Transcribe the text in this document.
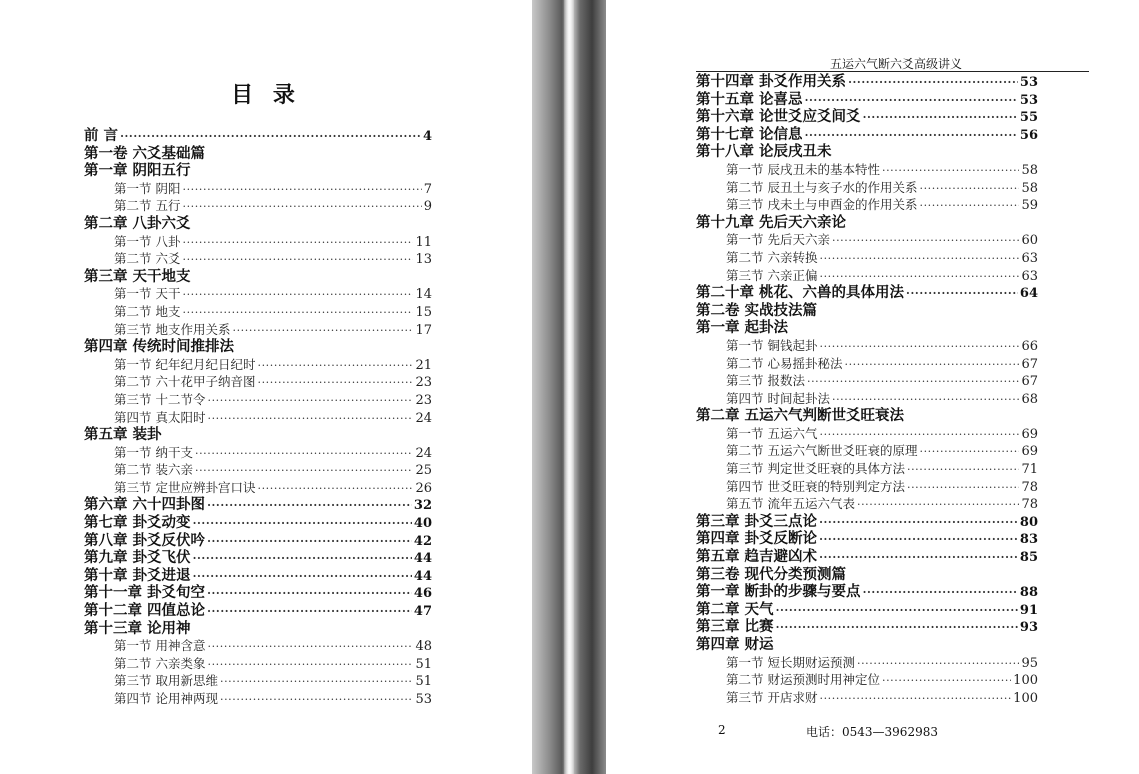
目 录
前 言 ·····	4
第一卷 六爻基础篇
第一章 阴阳五行
第一节 阴阳 ·····	7
第二节 五行 ·····	9
第二章 八卦六爻
第一节 八卦 ·····	11
第二节 六爻 ·····	13
第三章 天干地支
第一节 天干 ·····	14
第二节 地支 ·····	15
第三节 地支作用关系 ·····	17
第四章 传统时间推排法
第一节 纪年纪月纪日纪时 ·····	21
第二节 六十花甲子纳音图 ·····	23
第三节 十二节令 ·····	23
第四节 真太阳时 ·····	24
第五章 装卦
第一节 纳干支 ·····	24
第二节 装六亲 ·····	25
第三节 定世应辨卦宫口诀 ·····	26
第六章 六十四卦图 ·····	32
第七章 卦爻动变 ·····	40
第八章 卦爻反伏吟 ·····	42
第九章 卦爻飞伏 ·····	44
第十章 卦爻进退 ·····	44
第十一章 卦爻旬空 ·····	46
第十二章 四值总论 ·····	47
第十三章 论用神
第一节 用神含意 ·····	48
第二节 六亲类象 ·····	51
第三节 取用新思维 ·····	51
第四节 论用神两现 ·····	53
五运六气断六爻高级讲义
第十四章 卦爻作用关系 ·····	53
第十五章 论喜忌 ·····	53
第十六章 论世爻应爻间爻 ·····	55
第十七章 论信息 ·····	56
第十八章 论辰戌丑未
第一节 辰戌丑未的基本特性 ·····	58
第二节 辰丑土与亥子水的作用关系 ·····	58
第三节 戌未土与申酉金的作用关系 ·····	59
第十九章 先后天六亲论
第一节 先后天六亲 ·····	60
第二节 六亲转换 ·····	63
第三节 六亲正偏 ·····	63
第二十章 桃花、六兽的具体用法 ·····	64
第二卷 实战技法篇
第一章 起卦法
第一节 铜钱起卦 ·····	66
第二节 心易摇卦秘法 ·····	67
第三节 报数法 ·····	67
第四节 时间起卦法 ·····	68
第二章 五运六气判断世爻旺衰法
第一节 五运六气 ·····	69
第二节 五运六气断世爻旺衰的原理 ·····	69
第三节 判定世爻旺衰的具体方法 ·····	71
第四节 世爻旺衰的特别判定方法 ·····	78
第五节 流年五运六气表 ·····	78
第三章 卦爻三点论 ·····	80
第四章 卦爻反断论 ·····	83
第五章 趋吉避凶术 ·····	85
第三卷 现代分类预测篇
第一章 断卦的步骤与要点 ·····	88
第二章 天气 ·····	91
第三章 比赛 ·····	93
第四章 财运
第一节 短长期财运预测 ·····	95
第二节 财运预测时用神定位 ·····	100
第三节 开店求财 ·····	100
2	电话：0543—3962983
